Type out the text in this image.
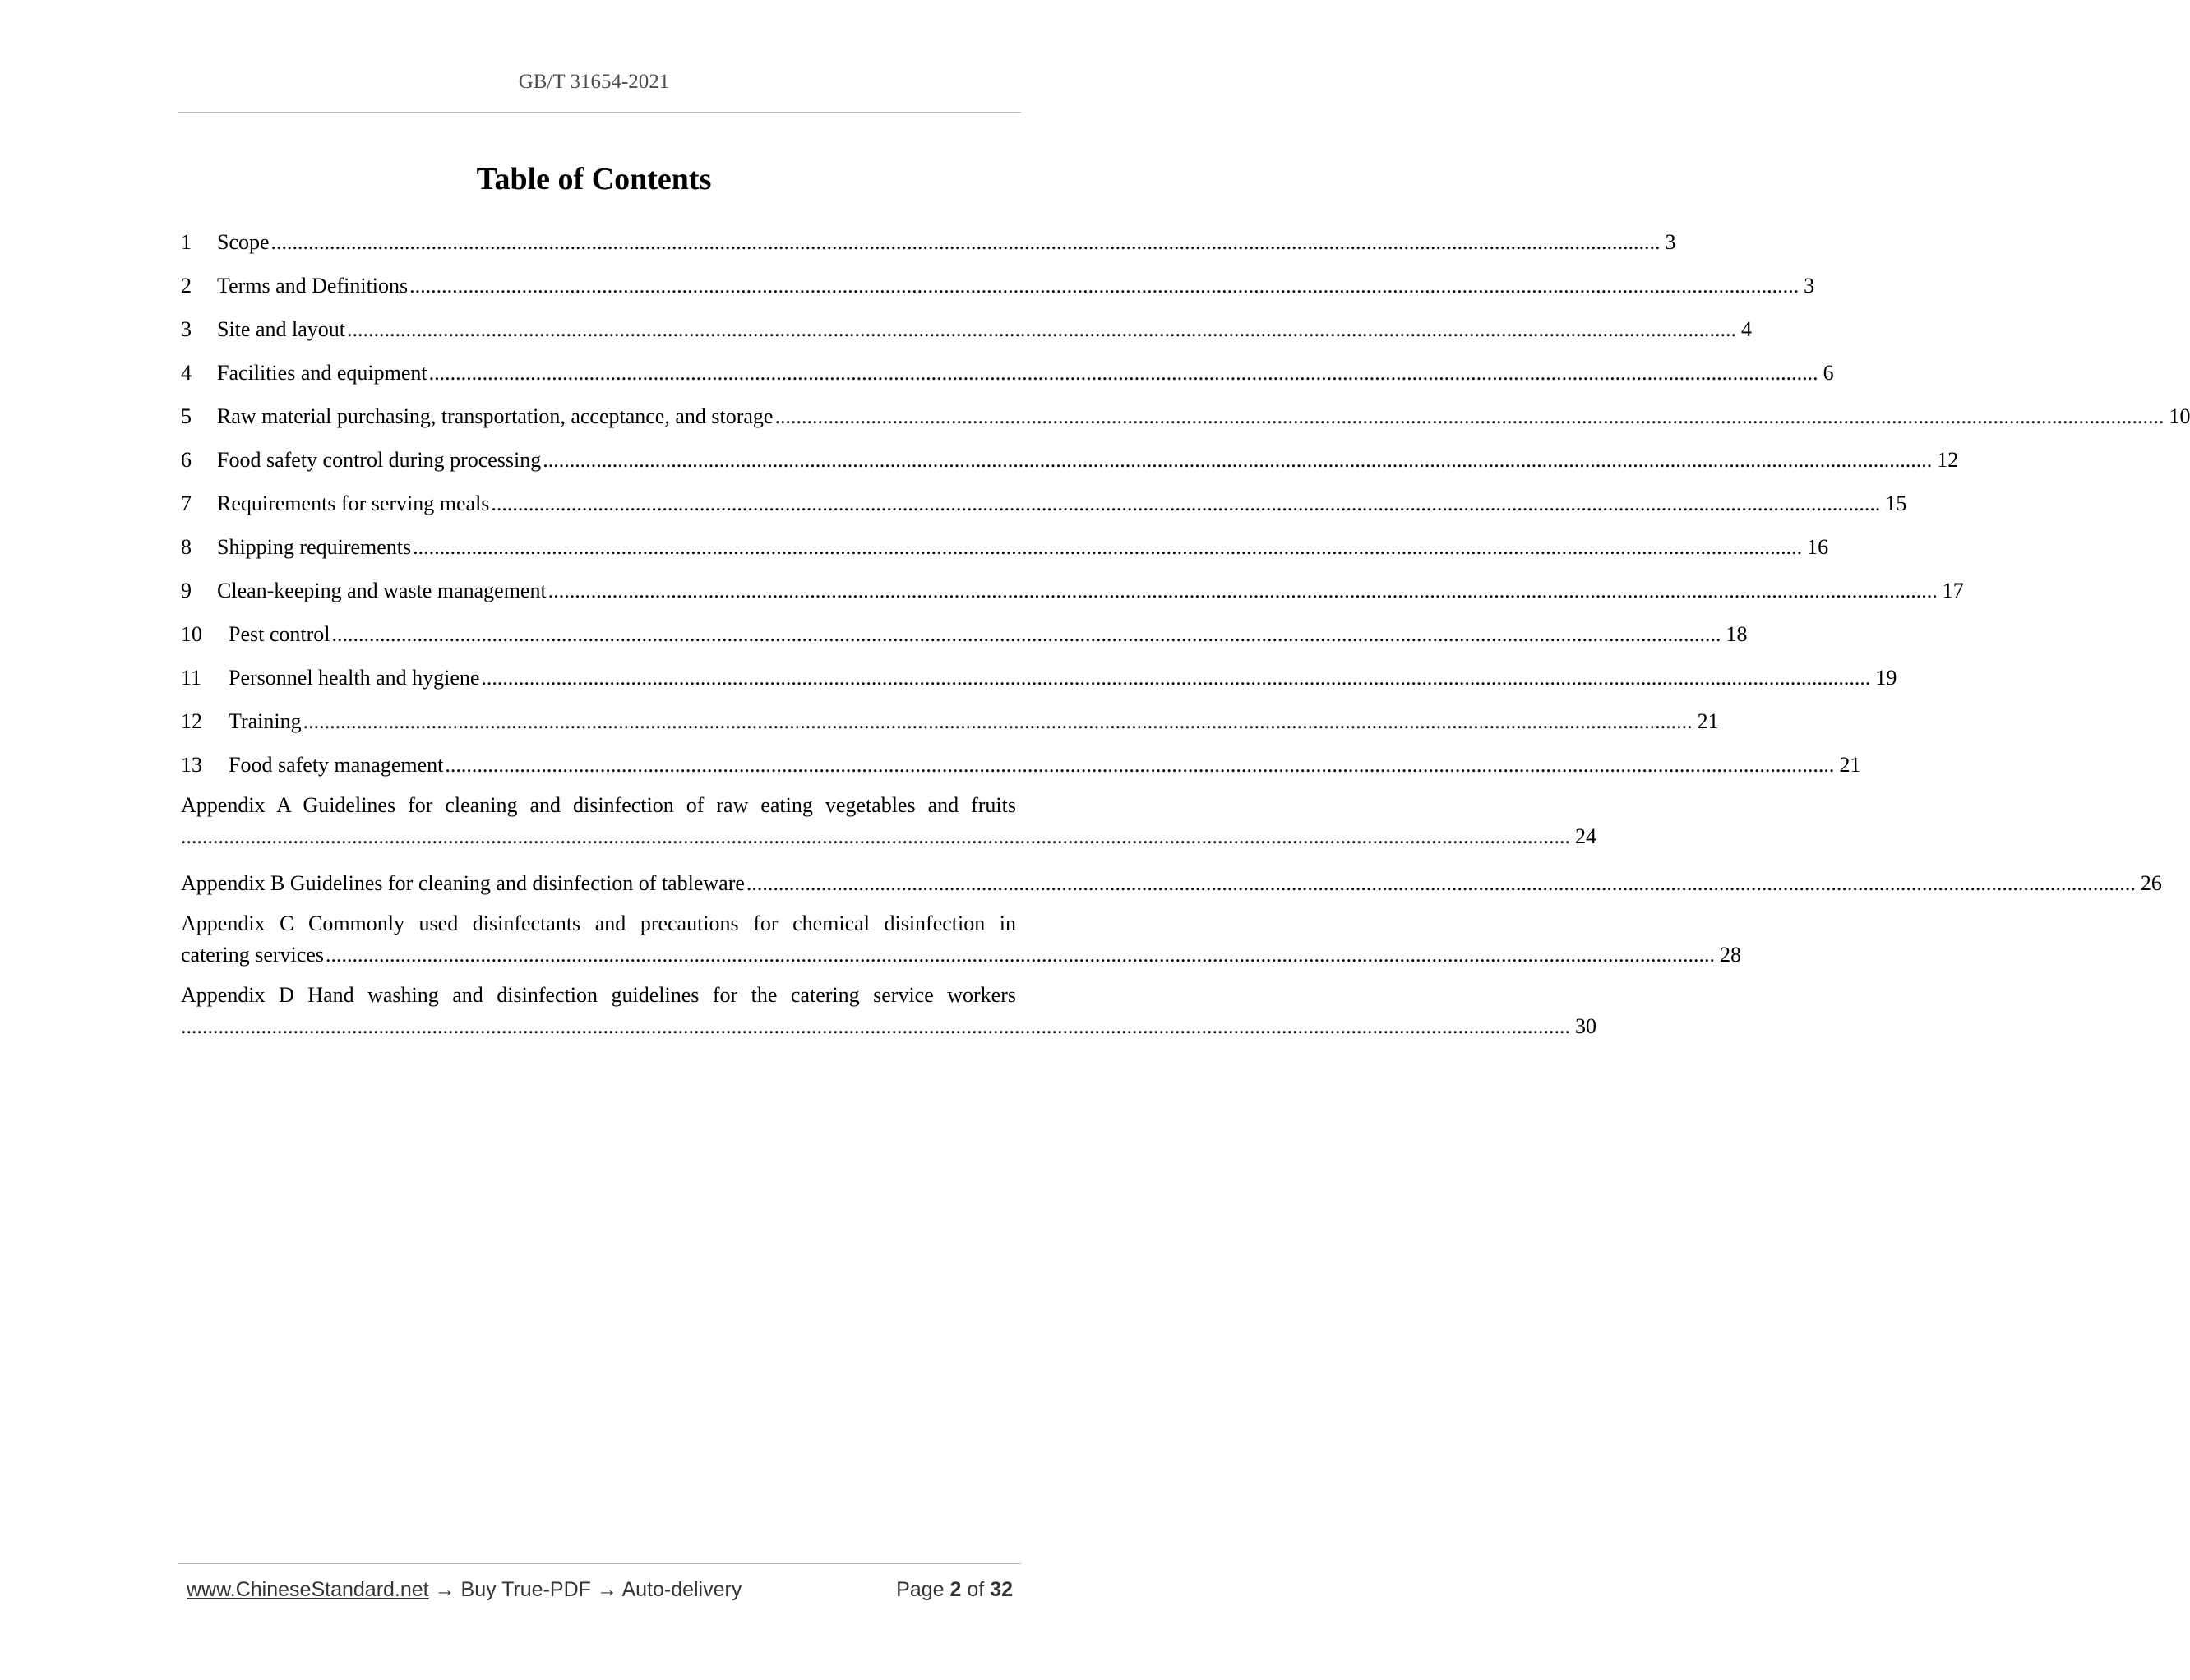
GB/T 31654-2021
Table of Contents
1	Scope .................................................................................................................................................................................................................................................................... 3
2	Terms and Definitions .................................................................................................................................................................................................................................................................... 3
3	Site and layout .................................................................................................................................................................................................................................................................... 4
4	Facilities and equipment .................................................................................................................................................................................................................................................................... 6
5	Raw material purchasing, transportation, acceptance, and storage .................................................................................................................................................................................................................................................................... 10
6	Food safety control during processing .................................................................................................................................................................................................................................................................... 12
7	Requirements for serving meals .................................................................................................................................................................................................................................................................... 15
8	Shipping requirements .................................................................................................................................................................................................................................................................... 16
9	Clean-keeping and waste management .................................................................................................................................................................................................................................................................... 17
10	Pest control .................................................................................................................................................................................................................................................................... 18
11	Personnel health and hygiene .................................................................................................................................................................................................................................................................... 19
12	Training .................................................................................................................................................................................................................................................................... 21
13	Food safety management .................................................................................................................................................................................................................................................................... 21
Appendix A Guidelines for cleaning and disinfection of raw eating vegetables and fruits
.................................................................................................................................................................................................................................................................... 24
Appendix B Guidelines for cleaning and disinfection of tableware .................................................................................................................................................................................................................................................................... 26
Appendix C Commonly used disinfectants and precautions for chemical disinfection in
catering services .................................................................................................................................................................................................................................................................... 28
Appendix D Hand washing and disinfection guidelines for the catering service workers
.................................................................................................................................................................................................................................................................... 30
www.ChineseStandard.net → Buy True-PDF → Auto-delivery	Page 2 of 32
